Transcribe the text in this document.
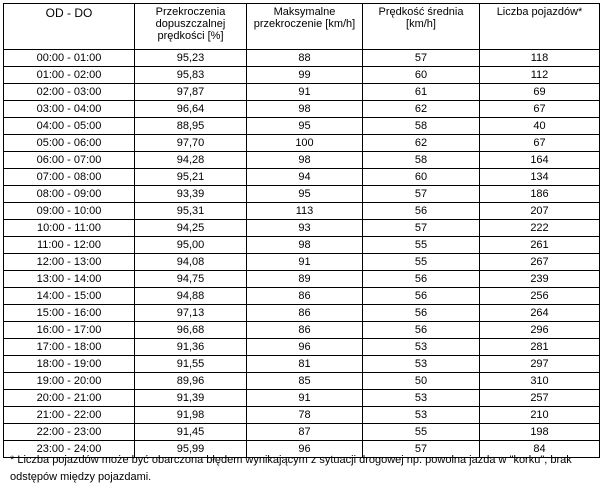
OD - DO	Przekroczenia dopuszczalnej prędkości [%]	Maksymalne przekroczenie [km/h]	Prędkość średnia [km/h]	Liczba pojazdów*
00:00 - 01:00	95,23	88	57	118
01:00 - 02:00	95,83	99	60	112
02:00 - 03:00	97,87	91	61	69
03:00 - 04:00	96,64	98	62	67
04:00 - 05:00	88,95	95	58	40
05:00 - 06:00	97,70	100	62	67
06:00 - 07:00	94,28	98	58	164
07:00 - 08:00	95,21	94	60	134
08:00 - 09:00	93,39	95	57	186
09:00 - 10:00	95,31	113	56	207
10:00 - 11:00	94,25	93	57	222
11:00 - 12:00	95,00	98	55	261
12:00 - 13:00	94,08	91	55	267
13:00 - 14:00	94,75	89	56	239
14:00 - 15:00	94,88	86	56	256
15:00 - 16:00	97,13	86	56	264
16:00 - 17:00	96,68	86	56	296
17:00 - 18:00	91,36	96	53	281
18:00 - 19:00	91,55	81	53	297
19:00 - 20:00	89,96	85	50	310
20:00 - 21:00	91,39	91	53	257
21:00 - 22:00	91,98	78	53	210
22:00 - 23:00	91,45	87	55	198
23:00 - 24:00	95,99	96	57	84
* Liczba pojazdów może być obarczona błędem wynikającym z sytuacji drogowej np. powolna jazda w "korku", brak odstępów między pojazdami.
